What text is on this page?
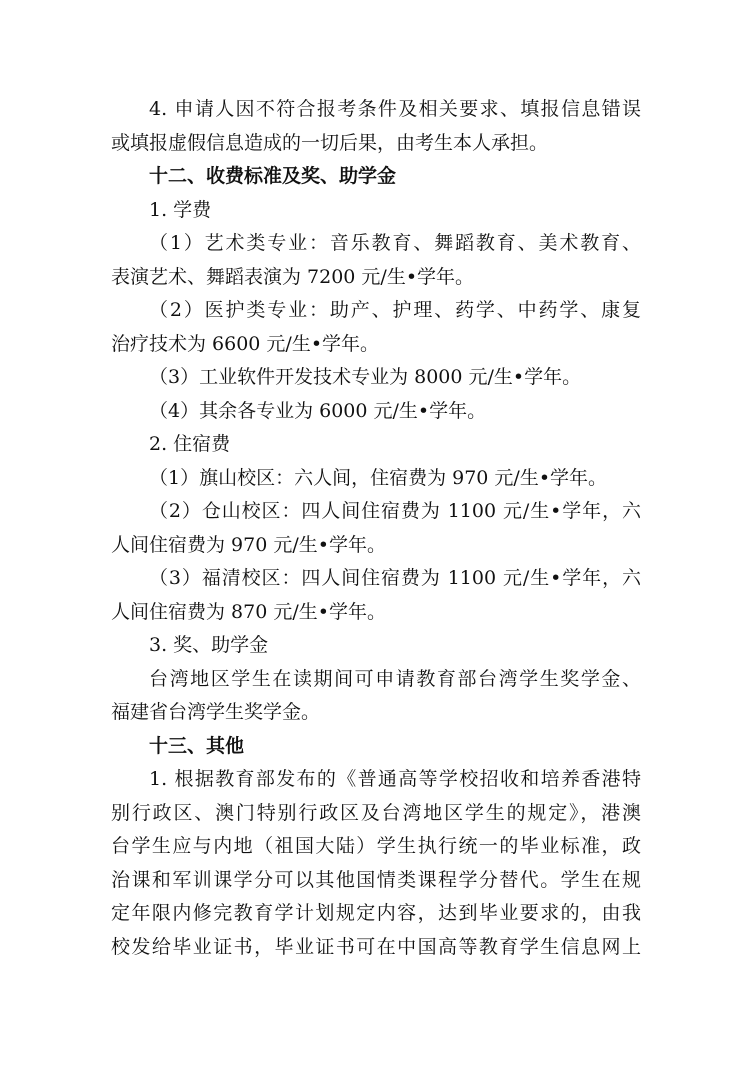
4. 申请人因不符合报考条件及相关要求、填报信息错误
或填报虚假信息造成的一切后果，由考生本人承担。
十二、收费标准及奖、助学金
1. 学费
（1）艺术类专业：音乐教育、舞蹈教育、美术教育、
表演艺术、舞蹈表演为 7200 元/生•学年。
（2）医护类专业：助产、护理、药学、中药学、康复
治疗技术为 6600 元/生•学年。
（3）工业软件开发技术专业为 8000 元/生•学年。
（4）其余各专业为 6000 元/生•学年。
2. 住宿费
（1）旗山校区：六人间，住宿费为 970 元/生•学年。
（2）仓山校区：四人间住宿费为 1100 元/生•学年，六
人间住宿费为 970 元/生•学年。
（3）福清校区：四人间住宿费为 1100 元/生•学年，六
人间住宿费为 870 元/生•学年。
3. 奖、助学金
台湾地区学生在读期间可申请教育部台湾学生奖学金、
福建省台湾学生奖学金。
十三、其他
1. 根据教育部发布的《普通高等学校招收和培养香港特
别行政区、澳门特别行政区及台湾地区学生的规定》，港澳
台学生应与内地（祖国大陆）学生执行统一的毕业标准，政
治课和军训课学分可以其他国情类课程学分替代。学生在规
定年限内修完教育学计划规定内容，达到毕业要求的，由我
校发给毕业证书，毕业证书可在中国高等教育学生信息网上
